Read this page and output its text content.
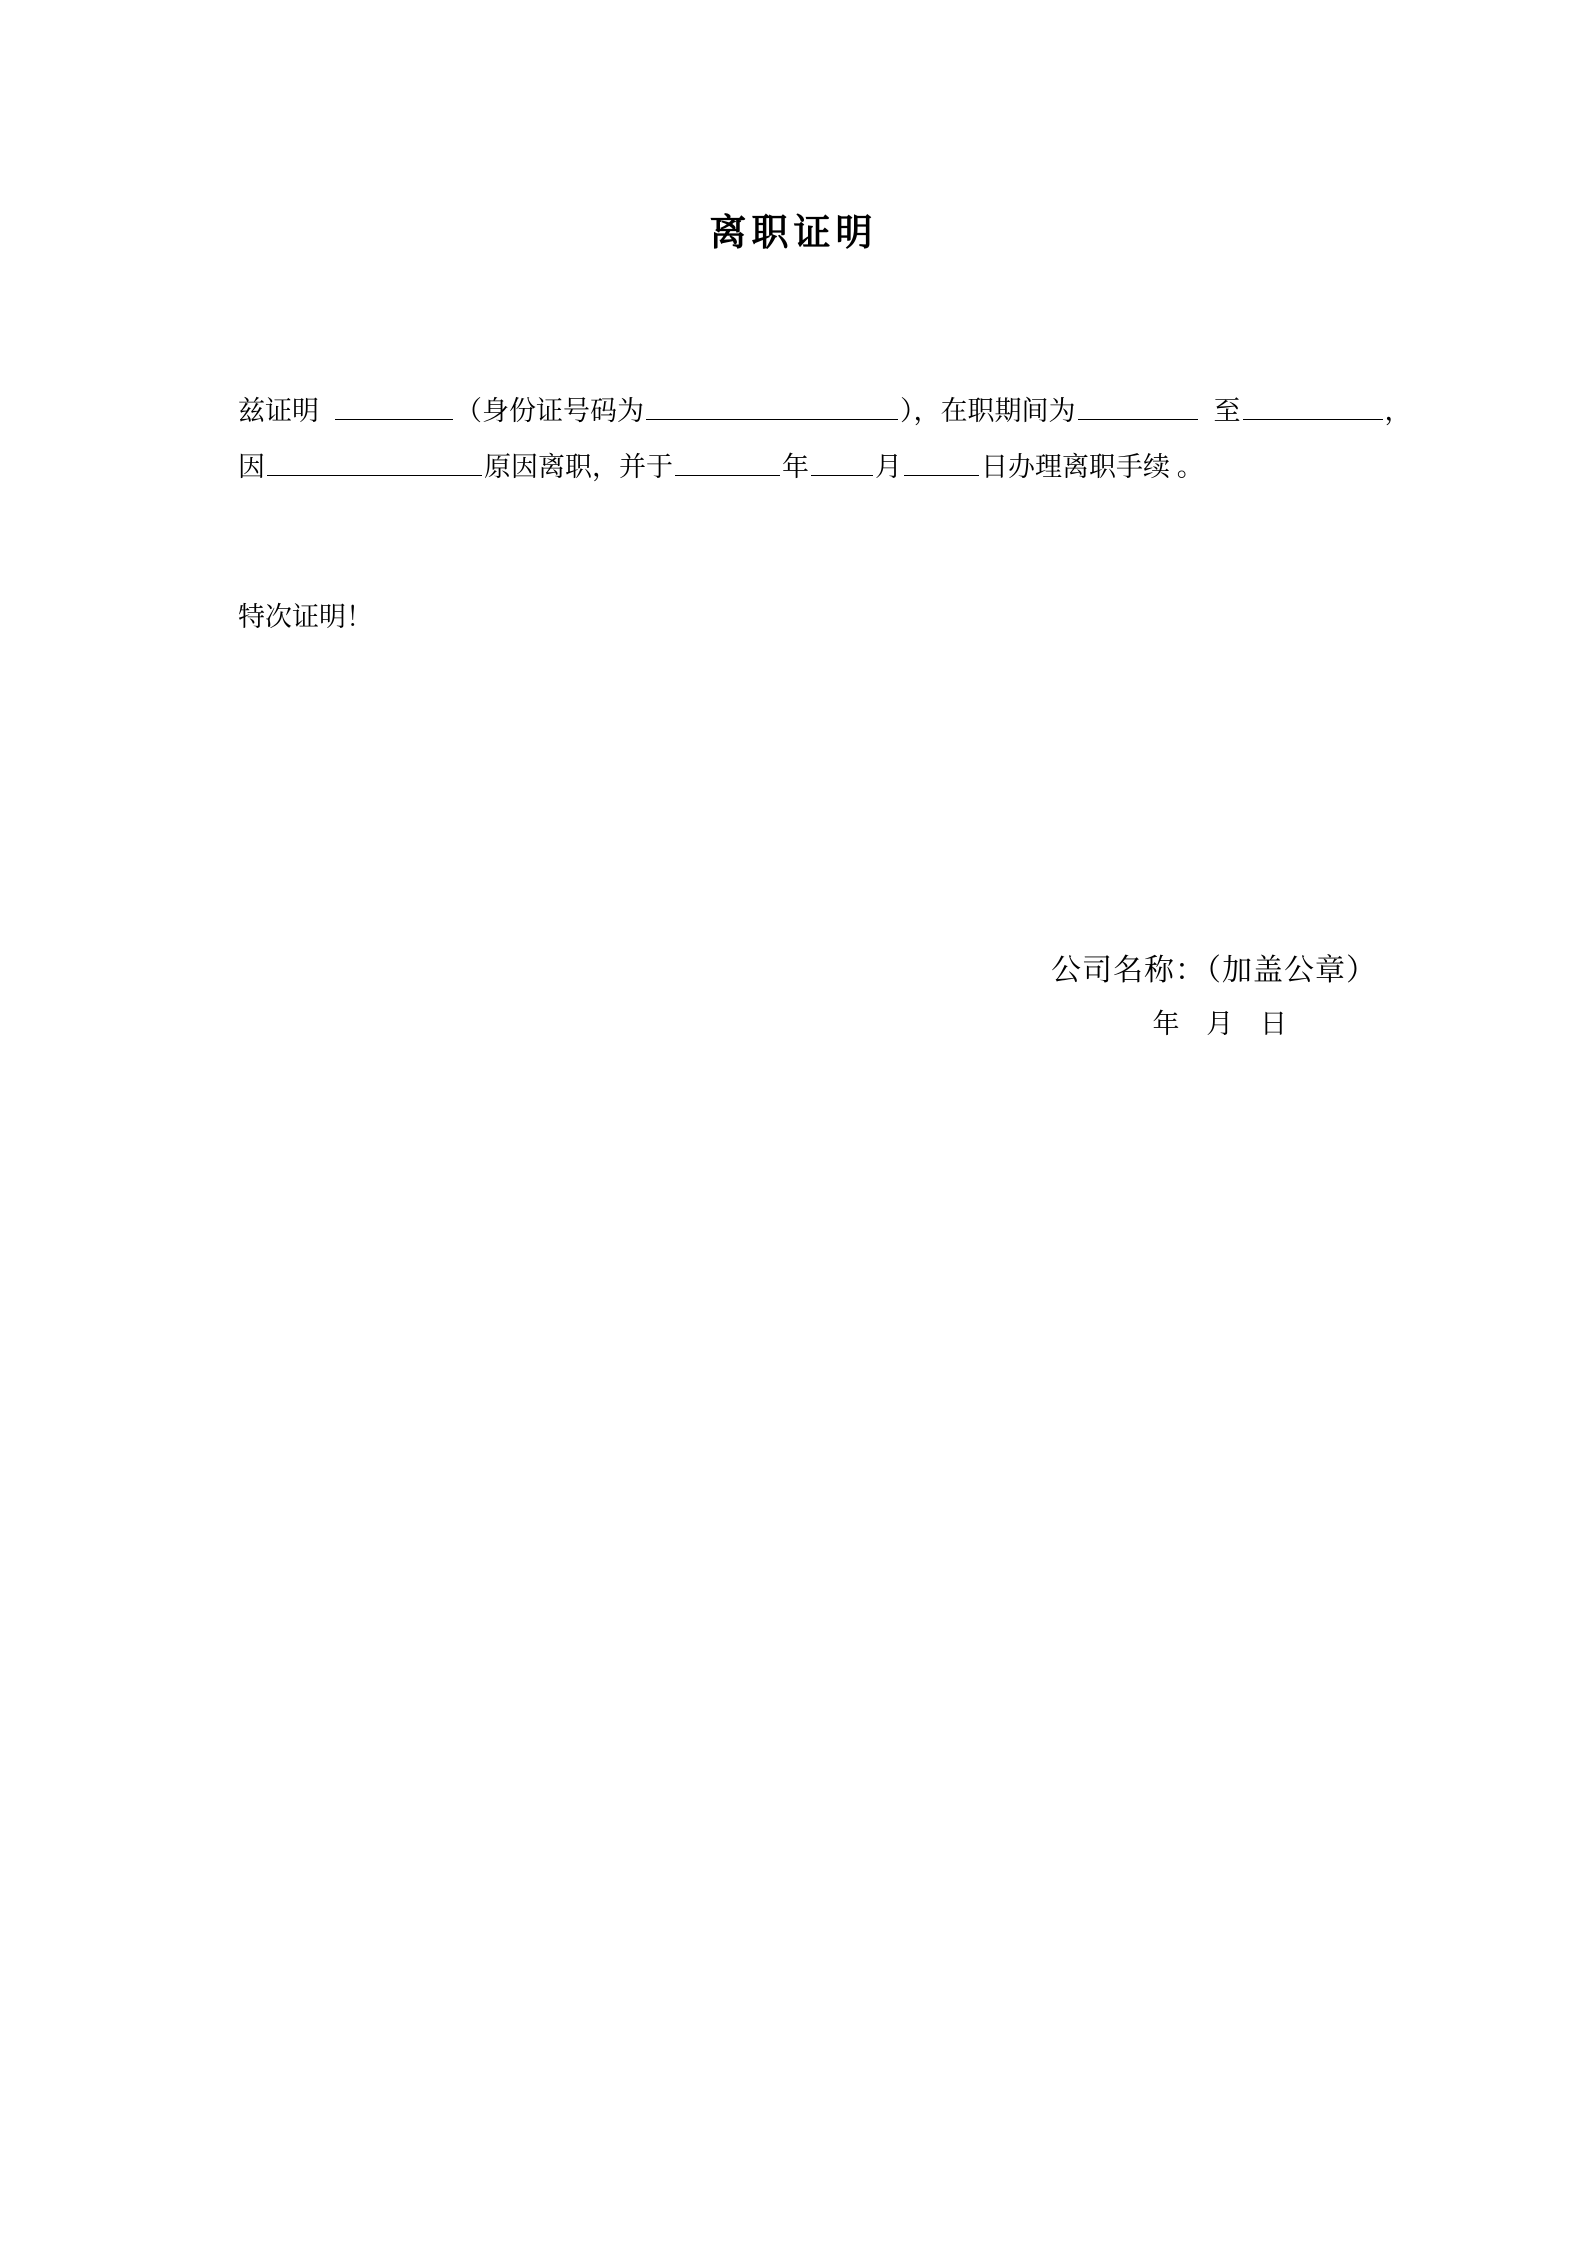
离职证明

兹证明	（身份证号码为	），在职期间为	至	，
因	原因离职，并于	年 月	日办理离职手续 。

特次证明！
公司名称：（加盖公章）
年 月 日
